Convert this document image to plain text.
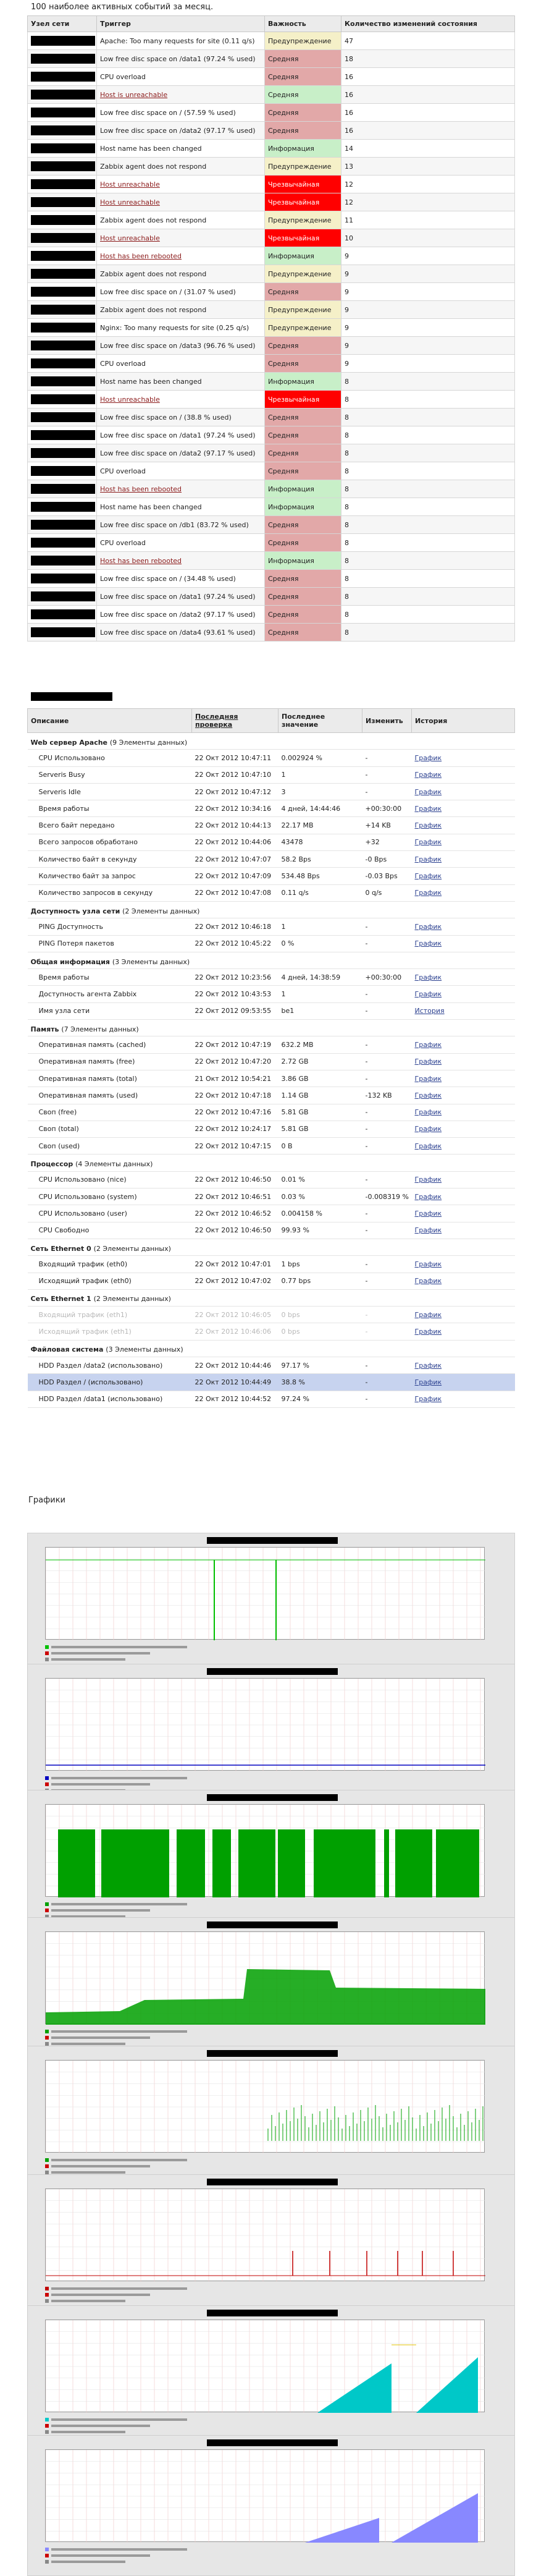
100 наиболее активных событий за месяц.
Узел сети	Триггер	Важность	Количество изменений состояния
	Apache: Too many requests for site (0.11 q/s)	Предупреждение	47
	Low free disc space on /data1 (97.24 % used)	Средняя	18
	CPU overload	Средняя	16
	Host is unreachable	Средняя	16
	Low free disc space on / (57.59 % used)	Средняя	16
	Low free disc space on /data2 (97.17 % used)	Средняя	16
	Host name has been changed	Информация	14
	Zabbix agent does not respond	Предупреждение	13
	Host unreachable	Чрезвычайная	12
	Host unreachable	Чрезвычайная	12
	Zabbix agent does not respond	Предупреждение	11
	Host unreachable	Чрезвычайная	10
	Host has been rebooted	Информация	9
	Zabbix agent does not respond	Предупреждение	9
	Low free disc space on / (31.07 % used)	Средняя	9
	Zabbix agent does not respond	Предупреждение	9
	Nginx: Too many requests for site (0.25 q/s)	Предупреждение	9
	Low free disc space on /data3 (96.76 % used)	Средняя	9
	CPU overload	Средняя	9
	Host name has been changed	Информация	8
	Host unreachable	Чрезвычайная	8
	Low free disc space on / (38.8 % used)	Средняя	8
	Low free disc space on /data1 (97.24 % used)	Средняя	8
	Low free disc space on /data2 (97.17 % used)	Средняя	8
	CPU overload	Средняя	8
	Host has been rebooted	Информация	8
	Host name has been changed	Информация	8
	Low free disc space on /db1 (83.72 % used)	Средняя	8
	CPU overload	Средняя	8
	Host has been rebooted	Информация	8
	Low free disc space on / (34.48 % used)	Средняя	8
	Low free disc space on /data1 (97.24 % used)	Средняя	8
	Low free disc space on /data2 (97.17 % used)	Средняя	8
	Low free disc space on /data4 (93.61 % used)	Средняя	8
Описание	Последняя проверка	Последнее значение	Изменить	История
Web сервер Apache (9 Элементы данных)				
CPU Использовано	22 Окт 2012 10:47:11	0.002924 %	-	График
Serveris Busy	22 Окт 2012 10:47:10	1	-	График
Serveris Idle	22 Окт 2012 10:47:12	3	-	График
Время работы	22 Окт 2012 10:34:16	4 дней, 14:44:46	+00:30:00	График
Всего байт передано	22 Окт 2012 10:44:13	22.17 MB	+14 KB	График
Всего запросов обработано	22 Окт 2012 10:44:06	43478	+32	График
Количество байт в секунду	22 Окт 2012 10:47:07	58.2 Bps	-0 Bps	График
Количество байт за запрос	22 Окт 2012 10:47:09	534.48 Bps	-0.03 Bps	График
Количество запросов в секунду	22 Окт 2012 10:47:08	0.11 q/s	0 q/s	График
Доступность узла сети (2 Элементы данных)				
PING Доступность	22 Окт 2012 10:46:18	1	-	График
PING Потеря пакетов	22 Окт 2012 10:45:22	0 %	-	График
Общая информация (3 Элементы данных)				
Время работы	22 Окт 2012 10:23:56	4 дней, 14:38:59	+00:30:00	График
Доступность агента Zabbix	22 Окт 2012 10:43:53	1	-	График
Имя узла сети	22 Окт 2012 09:53:55	be1	-	История
Память (7 Элементы данных)				
Оперативная память (cached)	22 Окт 2012 10:47:19	632.2 MB	-	График
Оперативная память (free)	22 Окт 2012 10:47:20	2.72 GB	-	График
Оперативная память (total)	21 Окт 2012 10:54:21	3.86 GB	-	График
Оперативная память (used)	22 Окт 2012 10:47:18	1.14 GB	-132 KB	График
Своп (free)	22 Окт 2012 10:47:16	5.81 GB	-	График
Своп (total)	22 Окт 2012 10:24:17	5.81 GB	-	График
Своп (used)	22 Окт 2012 10:47:15	0 B	-	График
Процессор (4 Элементы данных)				
CPU Использовано (nice)	22 Окт 2012 10:46:50	0.01 %	-	График
CPU Использовано (system)	22 Окт 2012 10:46:51	0.03 %	-0.008319 %	График
CPU Использовано (user)	22 Окт 2012 10:46:52	0.004158 %	-	График
CPU Свободно	22 Окт 2012 10:46:50	99.93 %	-	График
Сеть Ethernet 0 (2 Элементы данных)				
Входящий трафик (eth0)	22 Окт 2012 10:47:01	1 bps	-	График
Исходящий трафик (eth0)	22 Окт 2012 10:47:02	0.77 bps	-	График
Сеть Ethernet 1 (2 Элементы данных)				
Входящий трафик (eth1)	22 Окт 2012 10:46:05	0 bps	-	График
Исходящий трафик (eth1)	22 Окт 2012 10:46:06	0 bps	-	График
Файловая система (3 Элементы данных)				
HDD Раздел /data2 (использовано)	22 Окт 2012 10:44:46	97.17 %	-	График
HDD Раздел / (использовано)	22 Окт 2012 10:44:49	38.8 %	-	График
HDD Раздел /data1 (использовано)	22 Окт 2012 10:44:52	97.24 %	-	График
Графики
